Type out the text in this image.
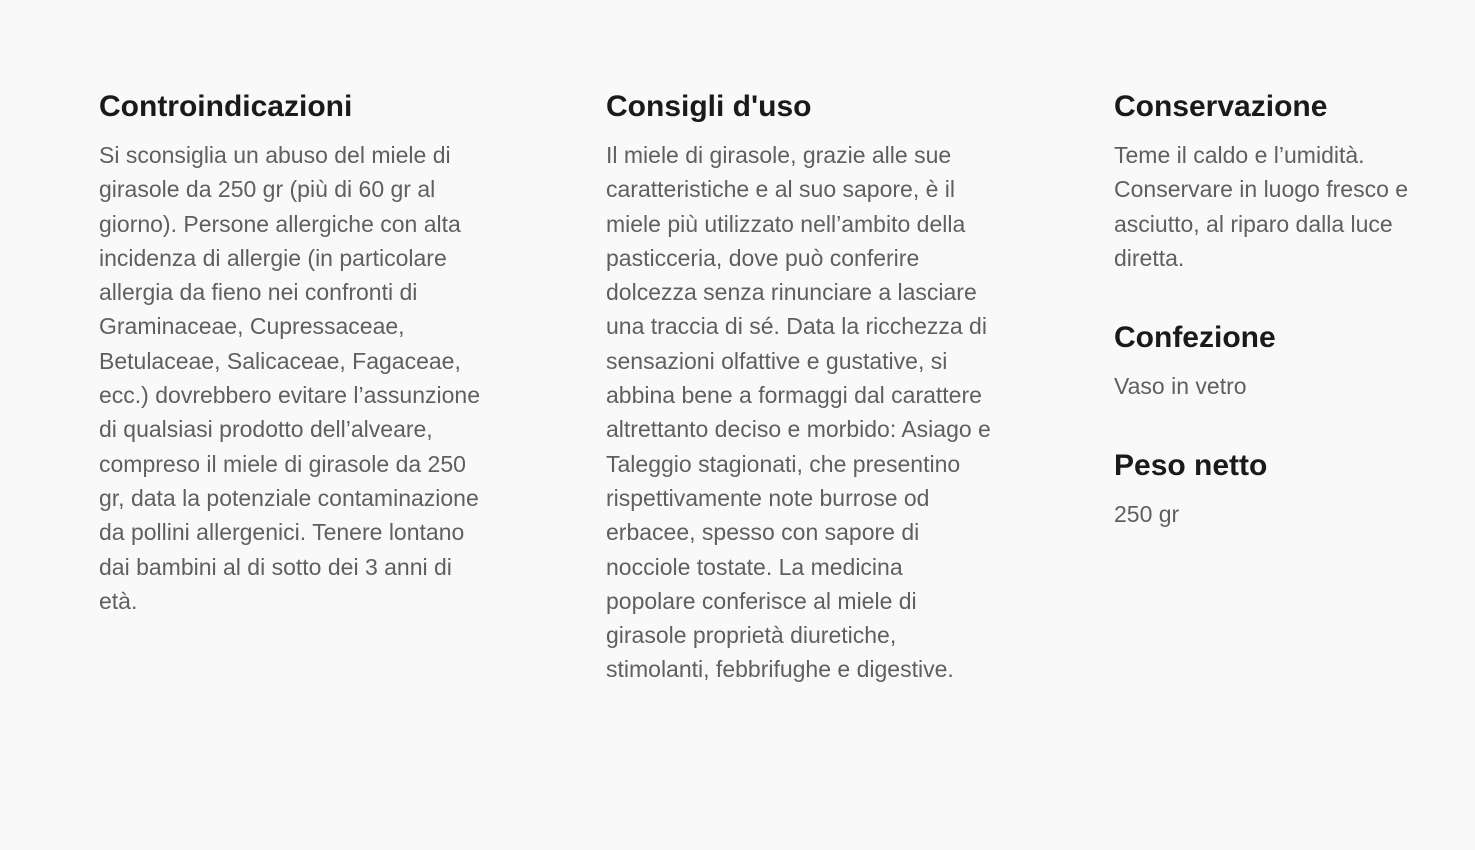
Controindicazioni

Si sconsiglia un abuso del miele di girasole da 250 gr (più di 60 gr al giorno). Persone allergiche con alta incidenza di allergie (in particolare allergia da fieno nei confronti di Graminaceae, Cupressaceae, Betulaceae, Salicaceae, Fagaceae, ecc.) dovrebbero evitare l’assunzione di qualsiasi prodotto dell’alveare, compreso il miele di girasole da 250 gr, data la potenziale contaminazione da pollini allergenici. Tenere lontano dai bambini al di sotto dei 3 anni di età.

Consigli d'uso

Il miele di girasole, grazie alle sue caratteristiche e al suo sapore, è il miele più utilizzato nell’ambito della pasticceria, dove può conferire dolcezza senza rinunciare a lasciare una traccia di sé. Data la ricchezza di sensazioni olfattive e gustative, si abbina bene a formaggi dal carattere altrettanto deciso e morbido: Asiago e Taleggio stagionati, che presentino rispettivamente note burrose od erbacee, spesso con sapore di nocciole tostate. La medicina popolare conferisce al miele di girasole proprietà diuretiche, stimolanti, febbrifughe e digestive.

Conservazione

Teme il caldo e l’umidità. Conservare in luogo fresco e asciutto, al riparo dalla luce diretta.

Confezione

Vaso in vetro

Peso netto

250 gr
